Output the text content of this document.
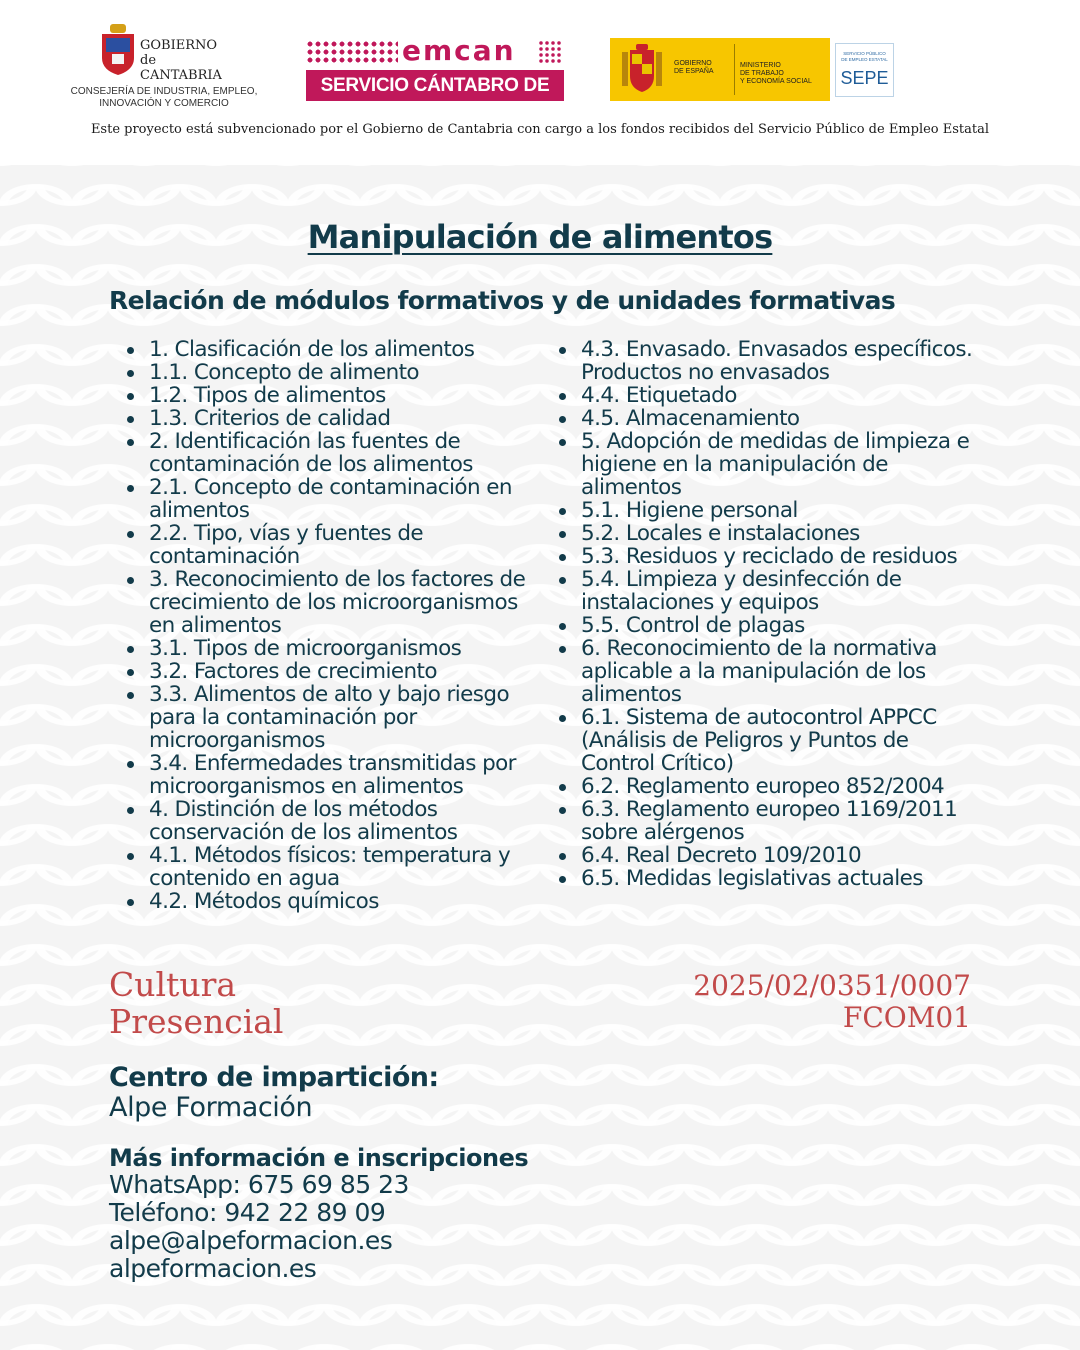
GOBIERNO
de
CANTABRIA
CONSEJERÍA DE INDUSTRIA, EMPLEO,
INNOVACIÓN Y COMERCIO
emcan
SERVICIO CÁNTABRO DE EMPLEO
GOBIERNO
DE ESPAÑA
MINISTERIO
DE TRABAJO
Y ECONOMÍA SOCIAL
SERVICIO PÚBLICO
DE EMPLEO ESTATAL
SEPE
Este proyecto está subvencionado por el Gobierno de Cantabria con cargo a los fondos recibidos del Servicio Público de Empleo Estatal
Manipulación de alimentos
Relación de módulos formativos y de unidades formativas
1. Clasificación de los alimentos
1.1. Concepto de alimento
1.2. Tipos de alimentos
1.3. Criterios de calidad
2. Identificación las fuentes de contaminación de los alimentos
2.1. Concepto de contaminación en alimentos
2.2. Tipo, vías y fuentes de contaminación
3. Reconocimiento de los factores de crecimiento de los microorganismos en alimentos
3.1. Tipos de microorganismos
3.2. Factores de crecimiento
3.3. Alimentos de alto y bajo riesgo para la contaminación por microorganismos
3.4. Enfermedades transmitidas por microorganismos en alimentos
4. Distinción de los métodos conservación de los alimentos
4.1. Métodos físicos: temperatura y contenido en agua
4.2. Métodos químicos
4.3. Envasado. Envasados específicos. Productos no envasados
4.4. Etiquetado
4.5. Almacenamiento
5. Adopción de medidas de limpieza e higiene en la manipulación de alimentos
5.1. Higiene personal
5.2. Locales e instalaciones
5.3. Residuos y reciclado de residuos
5.4. Limpieza y desinfección de instalaciones y equipos
5.5. Control de plagas
6. Reconocimiento de la normativa aplicable a la manipulación de los alimentos
6.1. Sistema de autocontrol APPCC (Análisis de Peligros y Puntos de Control Crítico)
6.2. Reglamento europeo 852/2004
6.3. Reglamento europeo 1169/2011 sobre alérgenos
6.4. Real Decreto 109/2010
6.5. Medidas legislativas actuales
Cultura
Presencial
2025/02/0351/0007
FCOM01
Centro de impartición:
Alpe Formación
Más información e inscripciones
WhatsApp: 675 69 85 23
Teléfono: 942 22 89 09
alpe@alpeformacion.es
alpeformacion.es
